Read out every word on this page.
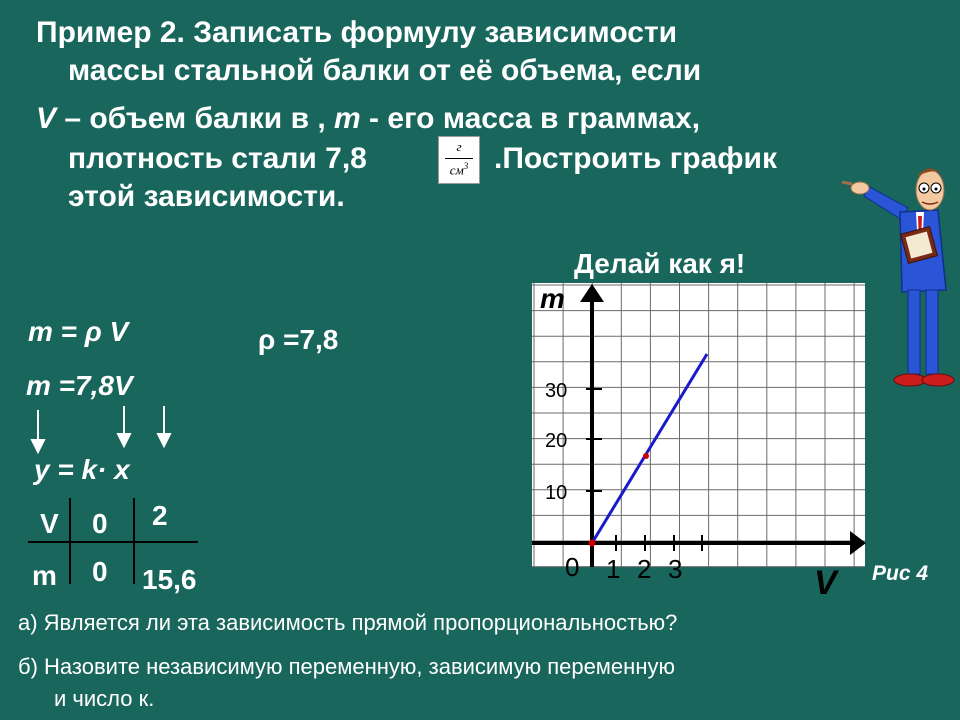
Пример 2. Записать формулу зависимости
массы стальной балки от её объема, если
V – объем балки в , m - его масса в граммах,
плотность стали 7,8	г
$см^3$ .Построить график
этой зависимости.
m = ρ V	ρ =7,8
m =7,8V
y = k· x
V 0 2
m 0 15,6
Делай как я!
m
V
10
20
30
0 1 2 3	Рис 4
а) Является ли эта зависимость прямой пропорциональностью?
б) Назовите независимую переменную, зависимую переменную
и число к.
